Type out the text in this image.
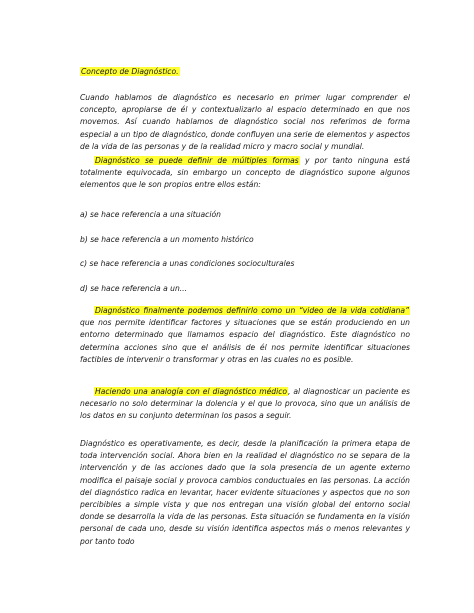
Concepto de Diagnóstico.
Cuando hablamos de diagnóstico es necesario en primer lugar comprender el concepto, apropiarse de él y contextualizarlo al espacio determinado en que nos movemos. Así cuando hablamos de diagnóstico social nos referimos de forma especial a un tipo de diagnóstico, donde confluyen una serie de elementos y aspectos de la vida de las personas y de la realidad micro y macro social y mundial.
Diagnóstico se puede definir de múltiples formas y por tanto ninguna está totalmente equivocada, sin embargo un concepto de diagnóstico supone algunos elementos que le son propios entre ellos están:
a) se hace referencia a una situación
b) se hace referencia a un momento histórico
c) se hace referencia a unas condiciones socioculturales
d) se hace referencia a un...
Diagnóstico finalmente podemos definirlo como un “video de la vida cotidiana” que nos permite identificar factores y situaciones que se están produciendo en un entorno determinado que llamamos espacio del diagnóstico. Este diagnóstico no determina acciones sino que el análisis de él nos permite identificar situaciones factibles de intervenir o transformar y otras en las cuales no es posible.
Haciendo una analogía con el diagnóstico médico, al diagnosticar un paciente es necesario no solo determinar la dolencia y el que lo provoca, sino que un análisis de los datos en su conjunto determinan los pasos a seguir.
Diagnóstico es operativamente, es decir, desde la planificación la primera etapa de toda intervención social. Ahora bien en la realidad el diagnóstico no se separa de la intervención y de las acciones dado que la sola presencia de un agente externo modifica el paisaje social y provoca cambios conductuales en las personas. La acción del diagnóstico radica en levantar, hacer evidente situaciones y aspectos que no son percibibles a simple vista y que nos entregan una visión global del entorno social donde se desarrolla la vida de las personas. Esta situación se fundamenta en la visión personal de cada uno, desde su visión identifica aspectos más o menos relevantes y por tanto todo
